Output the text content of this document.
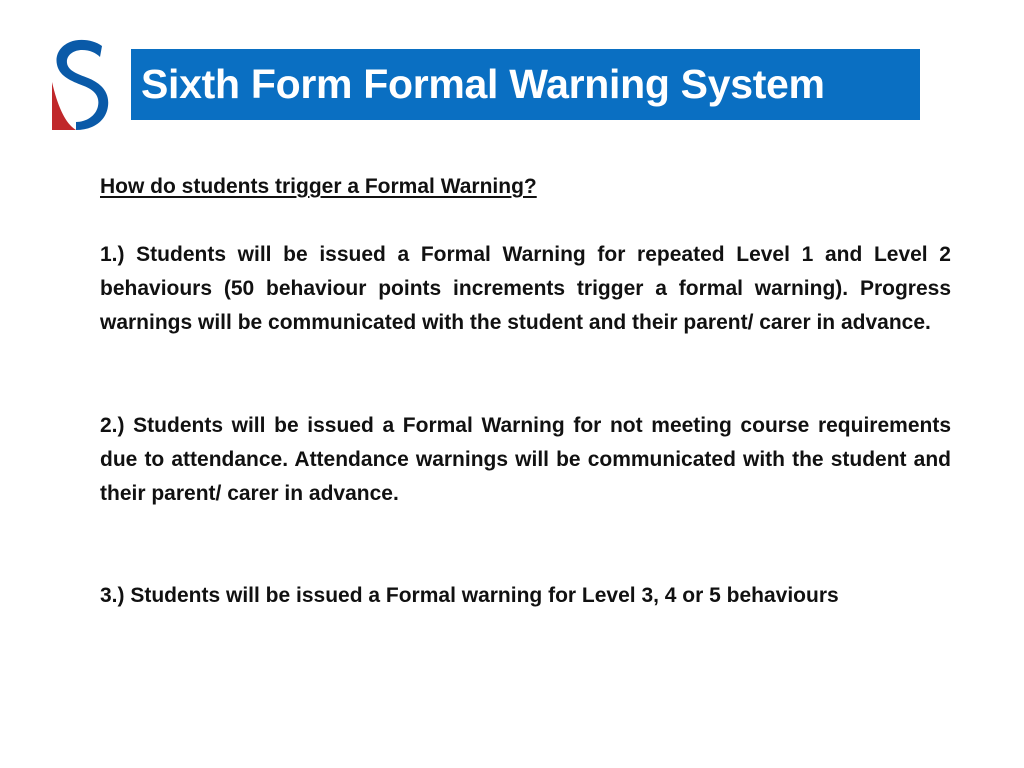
Sixth Form Formal Warning System

How do students trigger a Formal Warning?

1.) Students will be issued a Formal Warning for repeated Level 1 and Level 2 behaviours (50 behaviour points increments trigger a formal warning). Progress warnings will be communicated with the student and their parent/ carer in advance.

2.) Students will be issued a Formal Warning for not meeting course requirements due to attendance. Attendance warnings will be communicated with the student and their parent/ carer in advance.

3.) Students will be issued a Formal warning for Level 3, 4 or 5 behaviours
